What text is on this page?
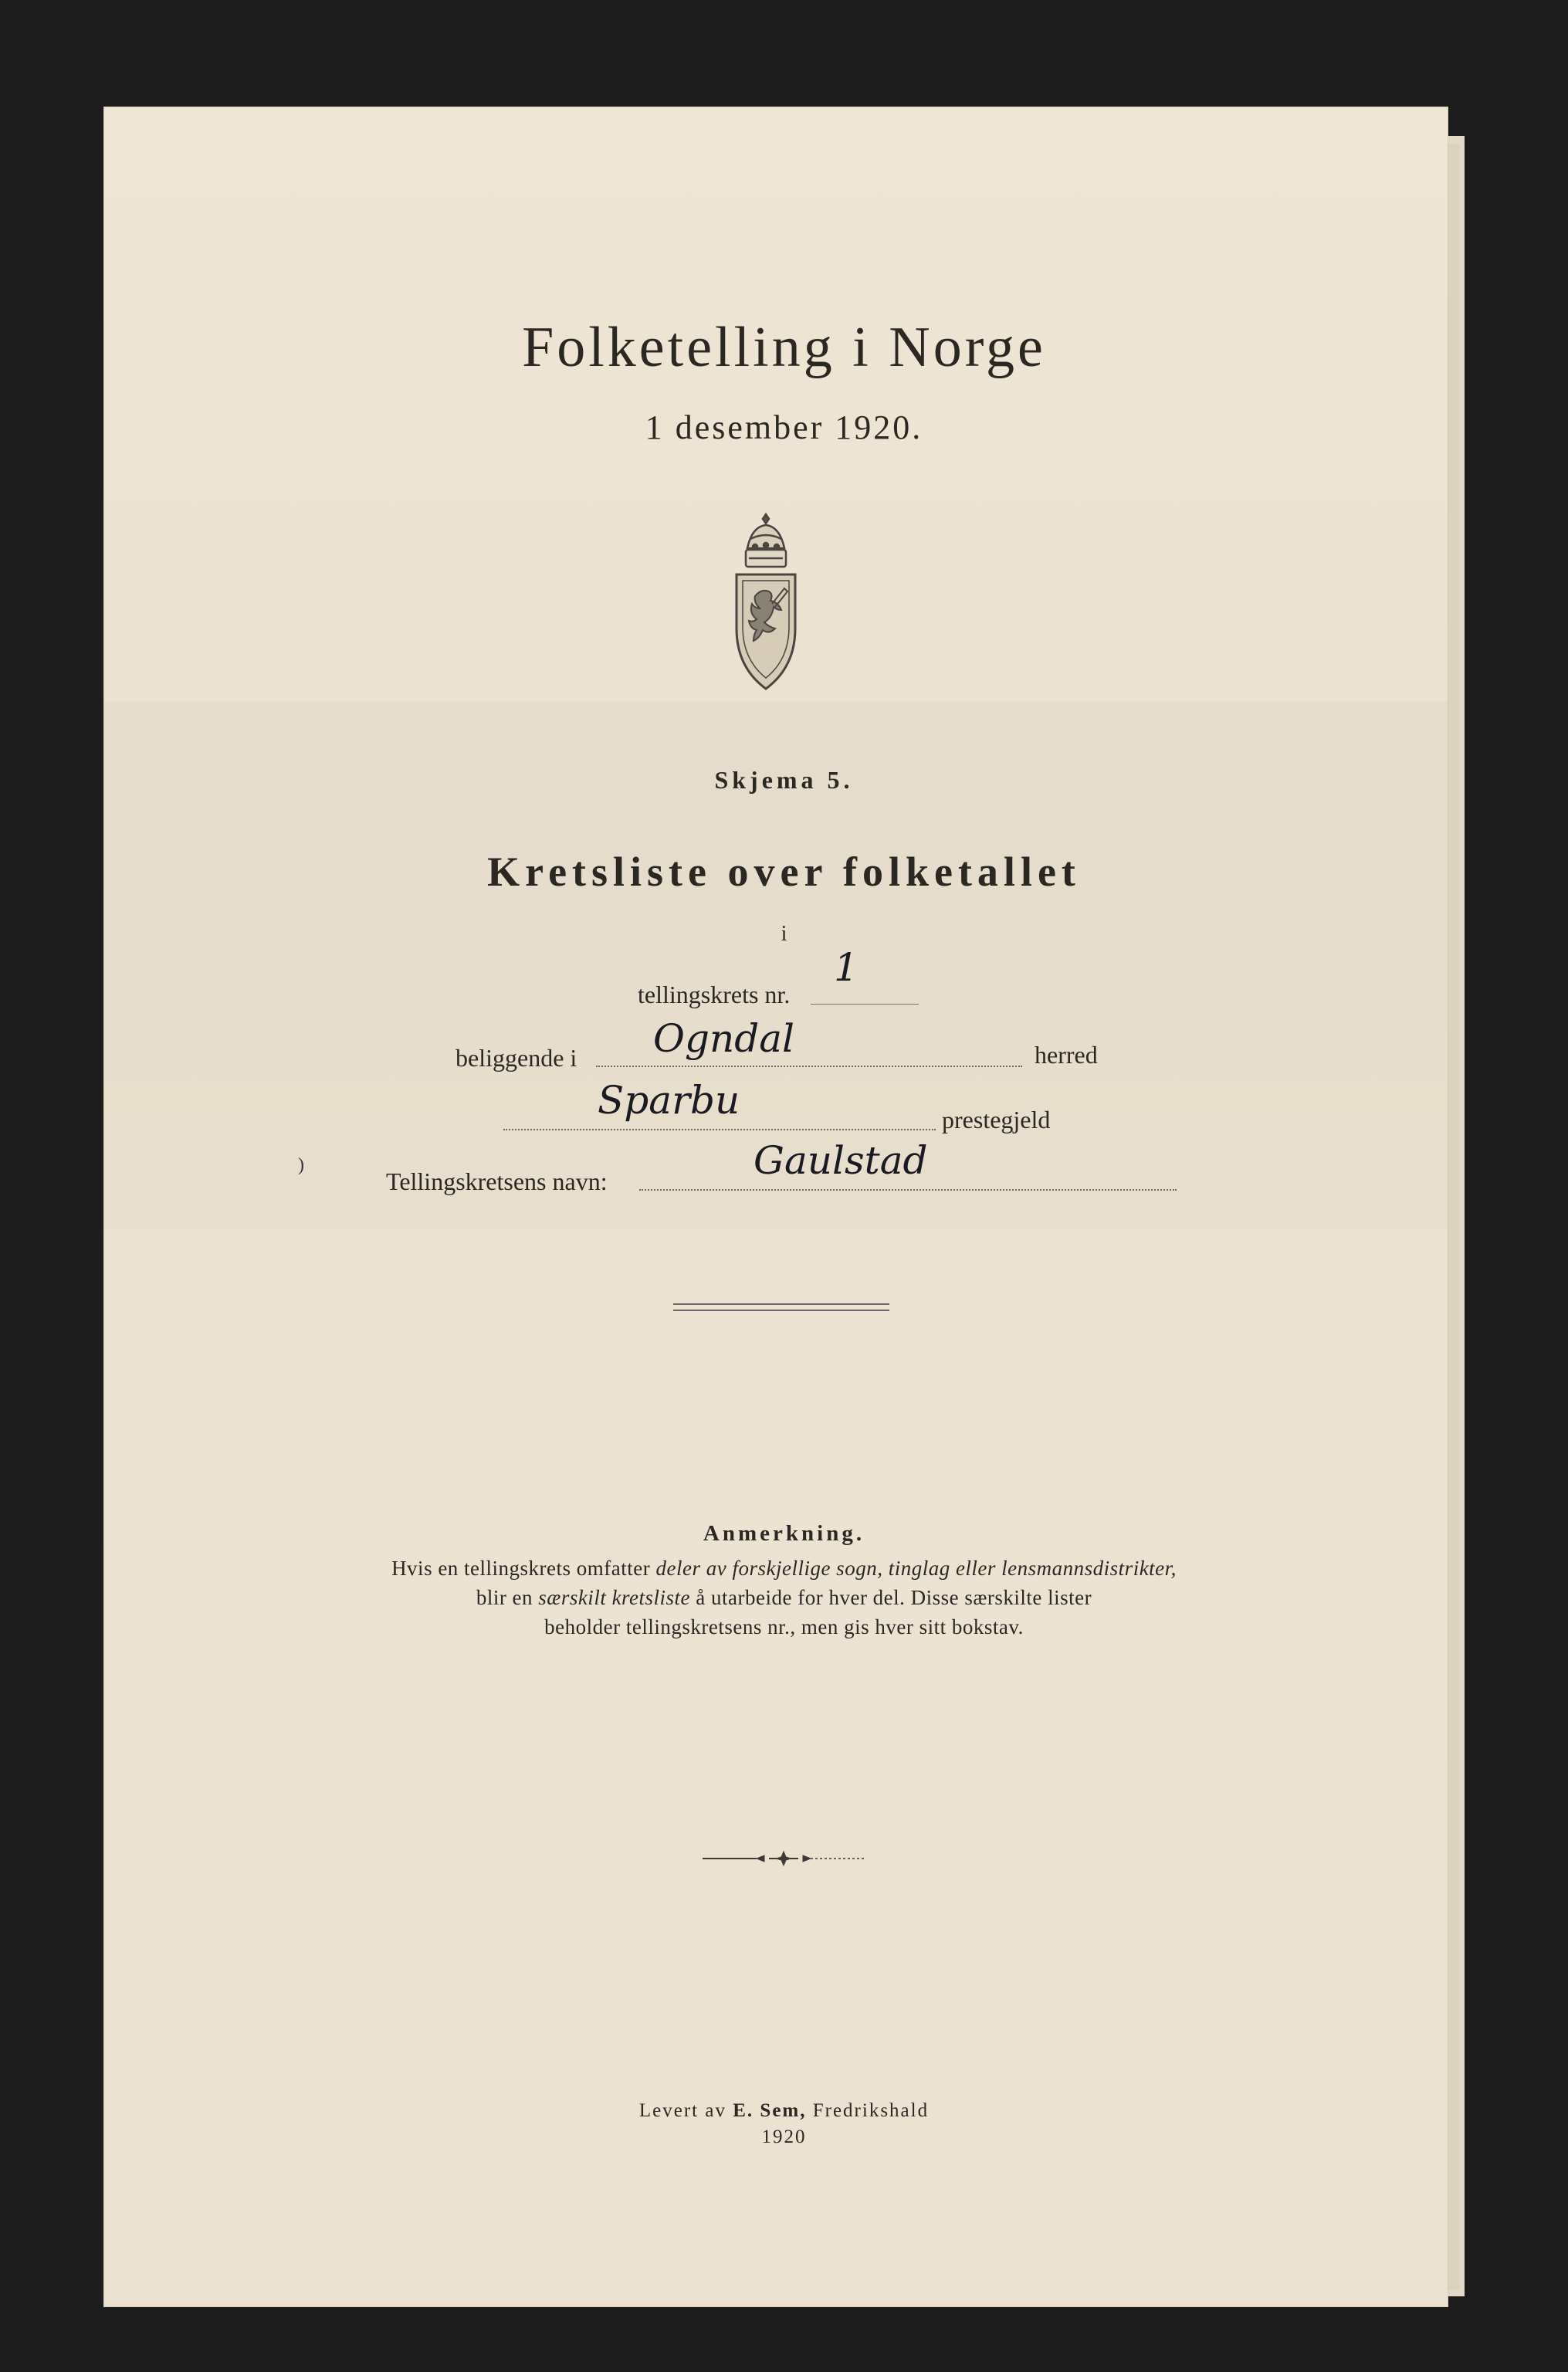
Folketelling i Norge
1 desember 1920.
Skjema 5.
Kretsliste over folketallet
i
tellingskrets nr.
1
beliggende i Ogndal	herred
Sparbu	prestegjeld
)
Tellingskretsens navn:	Gaulstad
Anmerkning.
Hvis en tellingskrets omfatter deler av forskjellige sogn, tinglag eller lensmannsdistrikter,
blir en særskilt kretsliste å utarbeide for hver del. Disse særskilte lister
beholder tellingskretsens nr., men gis hver sitt bokstav.
Levert av E. Sem, Fredrikshald
1920
